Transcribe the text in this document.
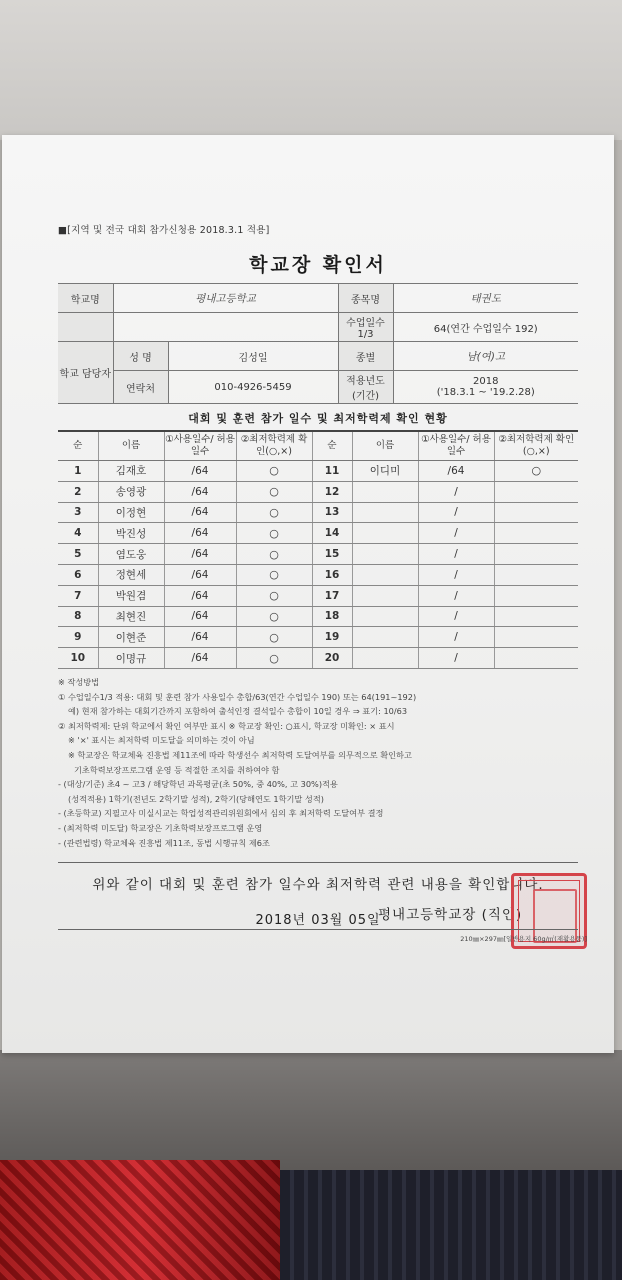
■[지역 및 전국 대회 참가신청용 2018.3.1 적용]
학교장 확인서
학교명	평내고등학교		종목명	태권도
			수업일수 1/3	64(연간 수업일수 192)
학교 담당자	성 명	김성일	종별	남(여)고
	연락처	010-4926-5459	적용년도 (기간)	2018
('18.3.1 ~ '19.2.28)
대회 및 훈련 참가 일수 및 최저학력제 확인 현황
순	이름	①사용일수/ 허용일수	②최저학력제 확인(○,×)	순	이름	①사용일수/ 허용일수	②최저학력제 확인(○,×)
1	김재호	/64	○	11	이디미	/64	○
2	송영광	/64	○	12		/	
3	이정현	/64	○	13		/	
4	박진성	/64	○	14		/	
5	염도웅	/64	○	15		/	
6	정현세	/64	○	16		/	
7	박원겸	/64	○	17		/	
8	최현진	/64	○	18		/	
9	이현준	/64	○	19		/	
10	이명규	/64	○	20		/	
※ 작성방법
① 수업일수1/3 적용: 대회 및 훈련 참가 사용일수 총합/63(연간 수업일수 190) 또는 64(191~192)
예) 현재 참가하는 대회기간까지 포함하여 출석인정 결석일수 총합이 10일 경우 ⇒ 표기: 10/63
② 최저학력제: 단위 학교에서 확인 여부만 표시 ※ 학교장 확인: ○표시, 학교장 미확인: × 표시
※ '×' 표시는 최저학력 미도달을 의미하는 것이 아님
※ 학교장은 학교체육 진흥법 제11조에 따라 학생선수 최저학력 도달여부를 의무적으로 확인하고
기초학력보장프로그램 운영 등 적절한 조치를 취하여야 함
- (대상/기준) 초4 ~ 고3 / 해당학년 과목평균(초 50%, 중 40%, 고 30%)적용
(성적적용) 1학기(전년도 2학기말 성적), 2학기(당해연도 1학기말 성적)
- (초등학교) 지필고사 미실시교는 학업성적관리위원회에서 심의 후 최저학력 도달여부 결정
- (최저학력 미도달) 학교장은 기초학력보장프로그램 운영
- (관련법령) 학교체육 진흥법 제11조, 동법 시행규칙 제6조
위와 같이 대회 및 훈련 참가 일수와 최저학력 관련 내용을 확인합니다.
2018년 03월 05일
평내고등학교장 (직인)
210㎜×297㎜[일반용지 60g/㎡(재활용품)]
